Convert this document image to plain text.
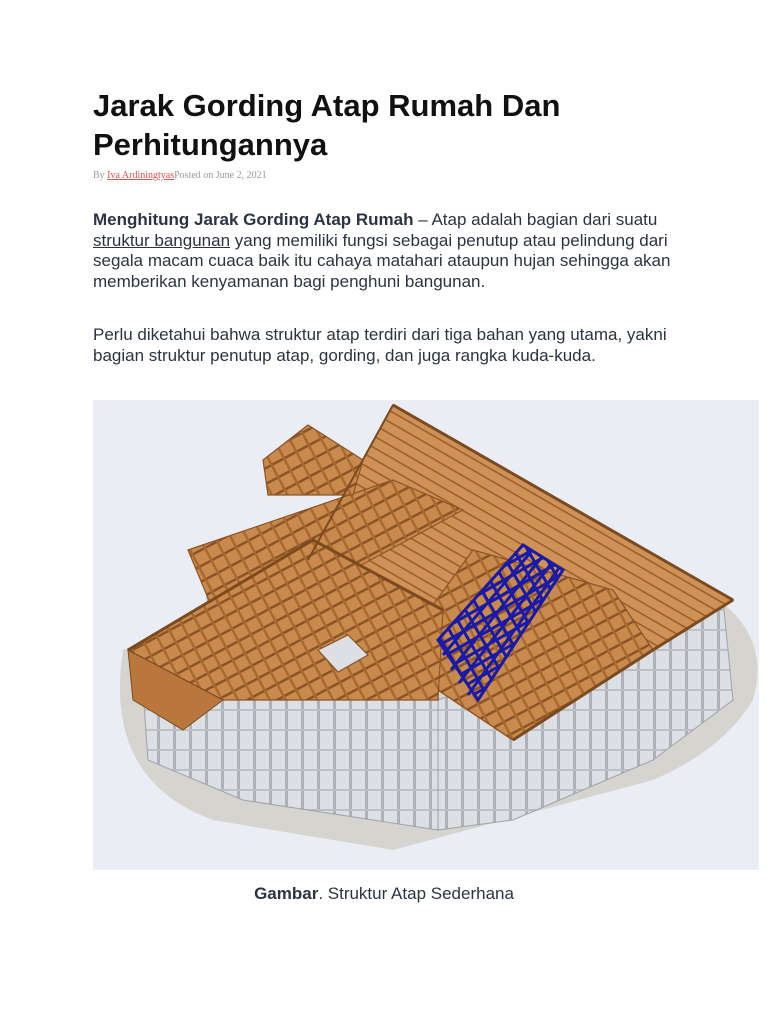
Jarak Gording Atap Rumah Dan Perhitungannya
By Iva ArdiningtyasPosted on June 2, 2021

Menghitung Jarak Gording Atap Rumah – Atap adalah bagian dari suatu struktur bangunan yang memiliki fungsi sebagai penutup atau pelindung dari segala macam cuaca baik itu cahaya matahari ataupun hujan sehingga akan memberikan kenyamanan bagi penghuni bangunan.

Perlu diketahui bahwa struktur atap terdiri dari tiga bahan yang utama, yakni bagian struktur penutup atap, gording, dan juga rangka kuda-kuda.

Gambar. Struktur Atap Sederhana
